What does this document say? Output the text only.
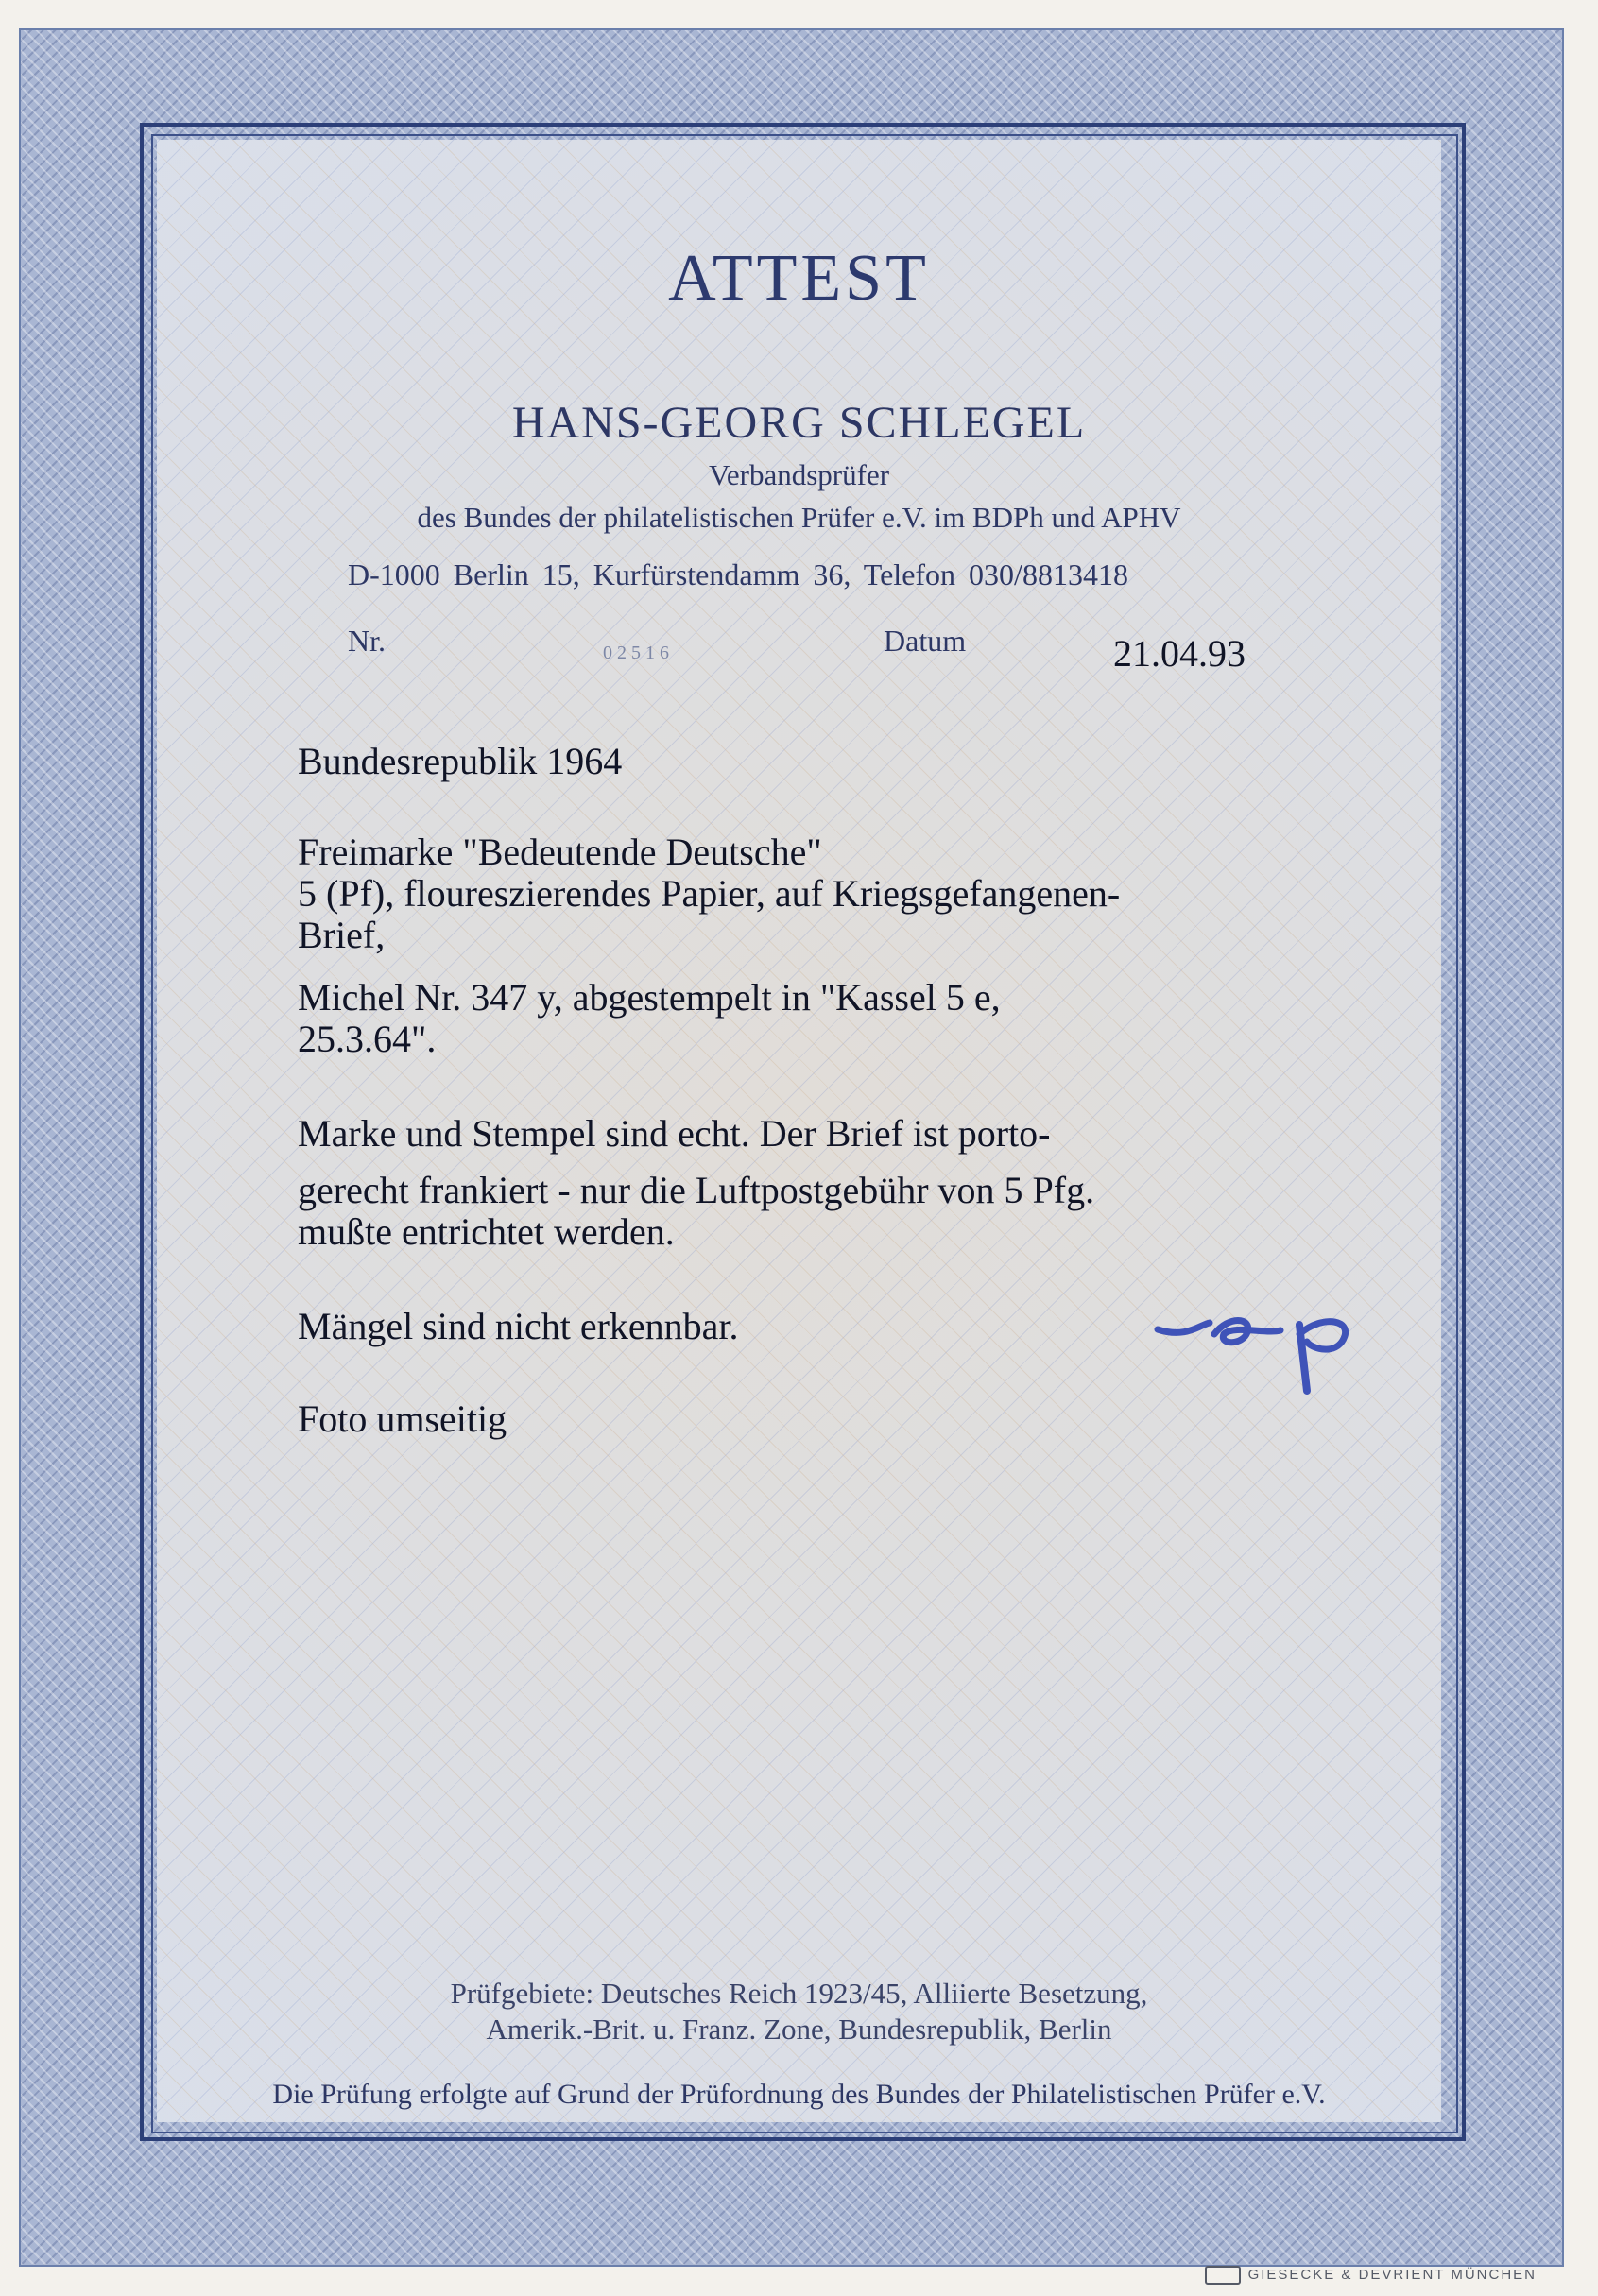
ATTEST
HANS-GEORG SCHLEGEL
Verbandsprüfer
des Bundes der philatelistischen Prüfer e.V. im BDPh und APHV
D-1000 Berlin 15, Kurfürstendamm 36, Telefon 030/8813418
Nr.	02516	Datum	21.04.93
Bundesrepublik 1964
Freimarke "Bedeutende Deutsche"
5 (Pf), floureszierendes Papier, auf Kriegsgefangenen-
Brief,
Michel Nr. 347 y, abgestempelt in "Kassel 5 e,
25.3.64".
Marke und Stempel sind echt. Der Brief ist porto-
gerecht frankiert - nur die Luftpostgebühr von 5 Pfg.
mußte entrichtet werden.
Mängel sind nicht erkennbar.
Foto umseitig
Prüfgebiete: Deutsches Reich 1923/45, Alliierte Besetzung,
Amerik.-Brit. u. Franz. Zone, Bundesrepublik, Berlin
Die Prüfung erfolgte auf Grund der Prüfordnung des Bundes der Philatelistischen Prüfer e.V.
GIESECKE & DEVRIENT MÜNCHEN
